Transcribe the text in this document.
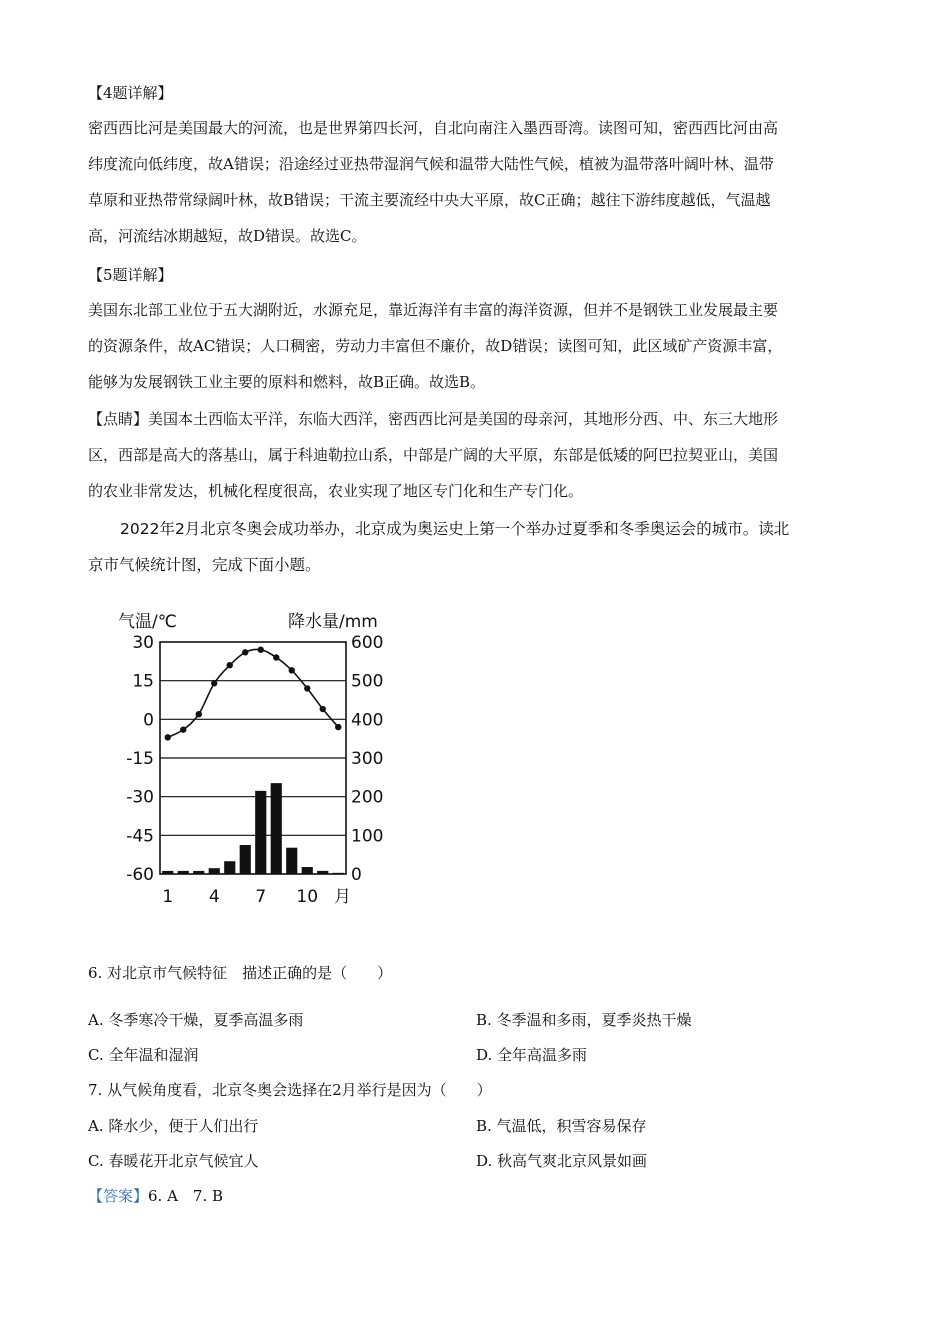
【4题详解】
密西西比河是美国最大的河流，也是世界第四长河，自北向南注入墨西哥湾。读图可知，密西西比河由高
纬度流向低纬度，故A错误；沿途经过亚热带湿润气候和温带大陆性气候，植被为温带落叶阔叶林、温带
草原和亚热带常绿阔叶林，故B错误；干流主要流经中央大平原，故C正确；越往下游纬度越低，气温越
高，河流结冰期越短，故D错误。故选C。
【5题详解】
美国东北部工业位于五大湖附近，水源充足，靠近海洋有丰富的海洋资源，但并不是钢铁工业发展最主要
的资源条件，故AC错误；人口稠密，劳动力丰富但不廉价，故D错误；读图可知，此区域矿产资源丰富，
能够为发展钢铁工业主要的原料和燃料，故B正确。故选B。
【点睛】美国本土西临太平洋，东临大西洋，密西西比河是美国的母亲河，其地形分西、中、东三大地形
区，西部是高大的落基山，属于科迪勒拉山系，中部是广阔的大平原，东部是低矮的阿巴拉契亚山，美国
的农业非常发达，机械化程度很高，农业实现了地区专门化和生产专门化。
2022年2月北京冬奥会成功举办，北京成为奥运史上第一个举办过夏季和冬季奥运会的城市。读北
京市气候统计图，完成下面小题。
气温/℃	降水量/mm
30
15
0
-15
-30
-45
-60
600
500
400
300
200
100
0
1 4 7 10 月
6. 对北京市气候特征　描述正确的是（　　）
A. 冬季寒冷干燥，夏季高温多雨	B. 冬季温和多雨，夏季炎热干燥
C. 全年温和湿润	D. 全年高温多雨
7. 从气候角度看，北京冬奥会选择在2月举行是因为（　　）
A. 降水少，便于人们出行	B. 气温低，积雪容易保存
C. 春暖花开北京气候宜人	D. 秋高气爽北京风景如画
【答案】6. A　7. B
